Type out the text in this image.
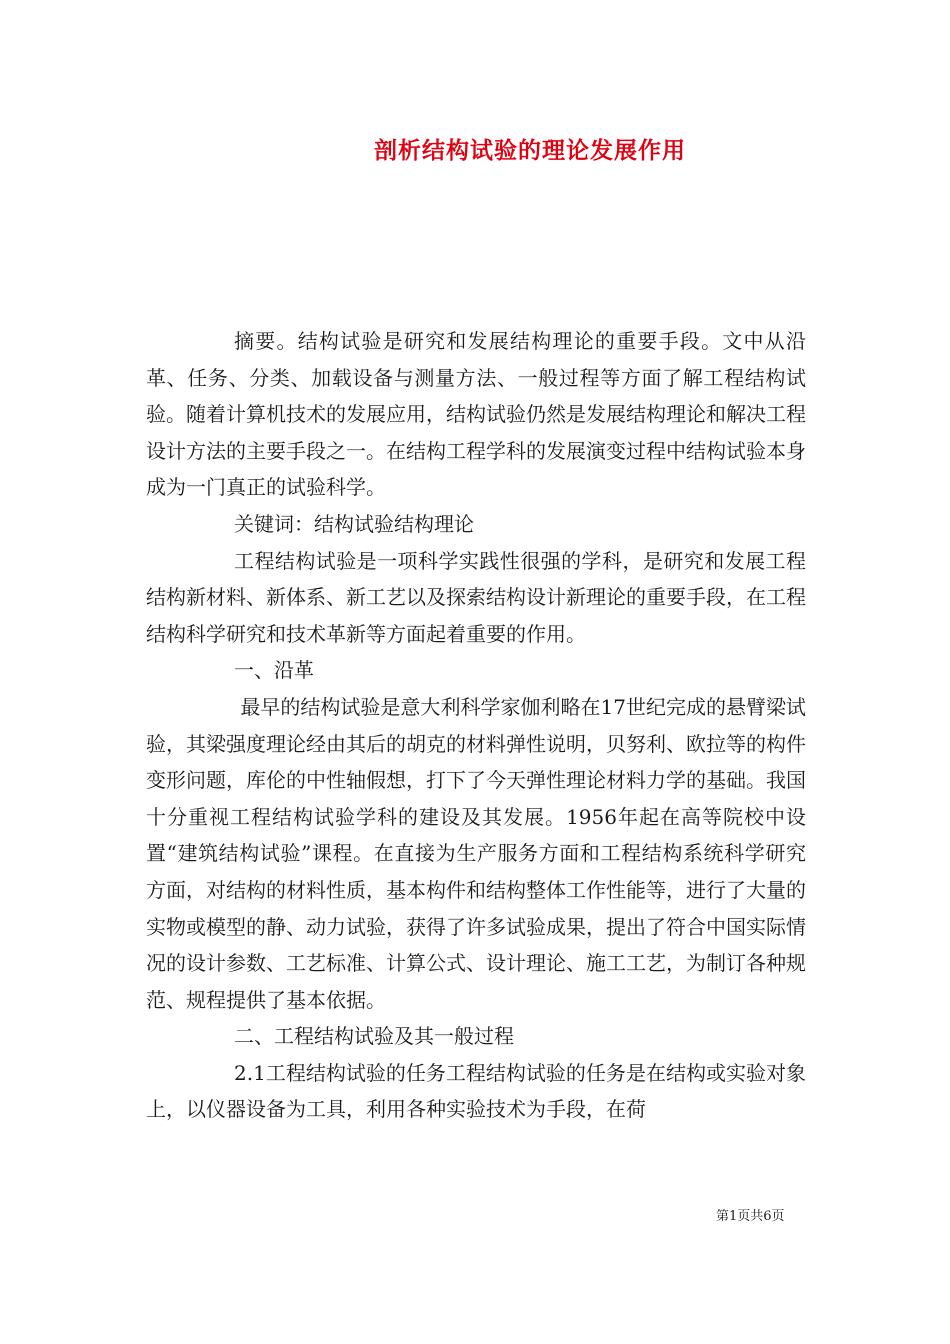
剖析结构试验的理论发展作用

摘要。结构试验是研究和发展结构理论的重要手段。文中从沿革、任务、分类、加载设备与测量方法、一般过程等方面了解工程结构试验。随着计算机技术的发展应用，结构试验仍然是发展结构理论和解决工程设计方法的主要手段之一。在结构工程学科的发展演变过程中结构试验本身成为一门真正的试验科学。

关键词：结构试验结构理论

工程结构试验是一项科学实践性很强的学科，是研究和发展工程结构新材料、新体系、新工艺以及探索结构设计新理论的重要手段，在工程结构科学研究和技术革新等方面起着重要的作用。

一、沿革

最早的结构试验是意大利科学家伽利略在17世纪完成的悬臂梁试验，其梁强度理论经由其后的胡克的材料弹性说明，贝努利、欧拉等的构件变形问题，库伦的中性轴假想，打下了今天弹性理论材料力学的基础。我国十分重视工程结构试验学科的建设及其发展。1956年起在高等院校中设置“建筑结构试验”课程。在直接为生产服务方面和工程结构系统科学研究方面，对结构的材料性质，基本构件和结构整体工作性能等，进行了大量的实物或模型的静、动力试验，获得了许多试验成果，提出了符合中国实际情况的设计参数、工艺标准、计算公式、设计理论、施工工艺，为制订各种规范、规程提供了基本依据。

二、工程结构试验及其一般过程

2.1工程结构试验的任务工程结构试验的任务是在结构或实验对象上，以仪器设备为工具，利用各种实验技术为手段，在荷

第1页共6页
